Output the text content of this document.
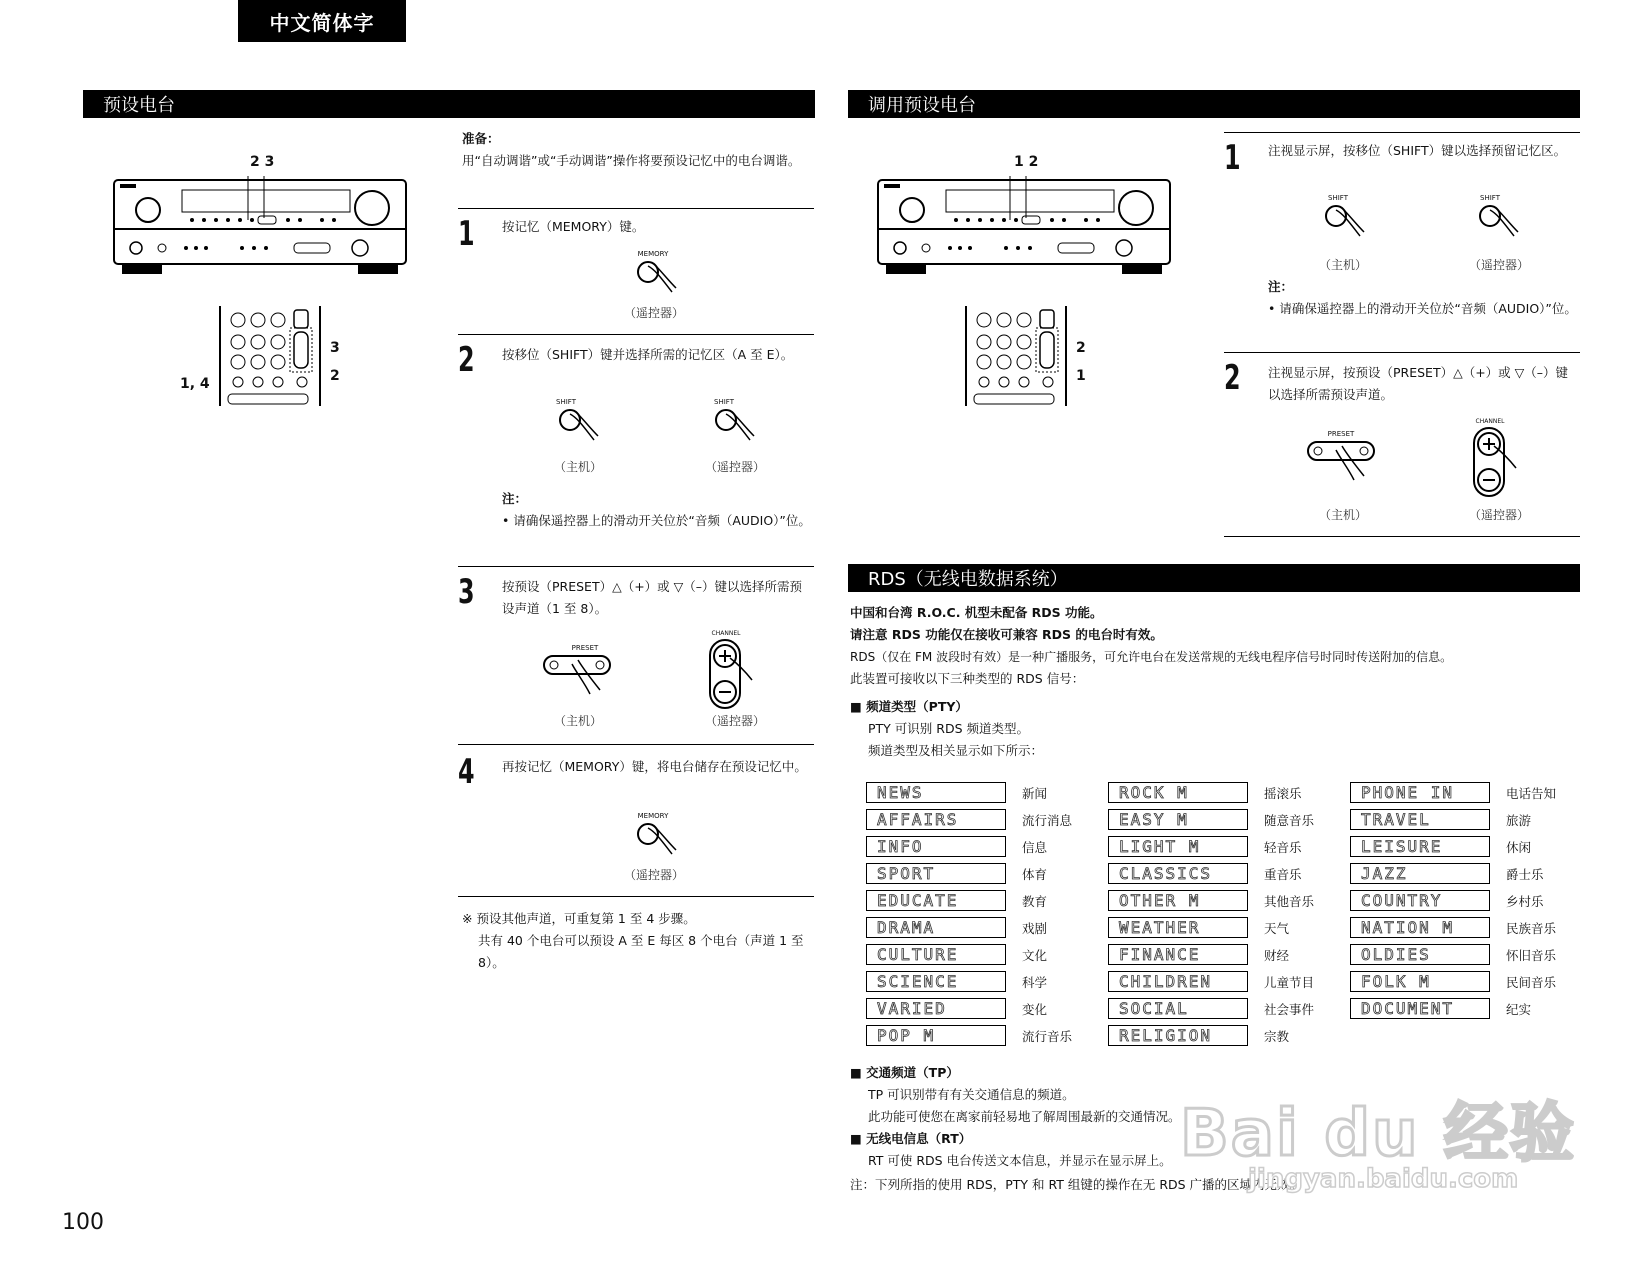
中文简体字
预设电台
2 3
3
1, 4	2
准备：
用“自动调谐”或“手动调谐”操作将要预设记忆中的电台调谐。
1 按记忆（MEMORY）键。
MEMORY
（遥控器）
2 按移位（SHIFT）键并选择所需的记忆区（A 至 E）。
SHIFT	SHIFT
（主机）	（遥控器）
注：
• 请确保遥控器上的滑动开关位於“音频（AUDIO）”位。
3 按预设（PRESET）△（+）或 ▽（–）键以选择所需预设声道（1 至 8）。
PRESET
CHANNEL
（主机）	（遥控器）
4 再按记忆（MEMORY）键，将电台储存在预设记忆中。
MEMORY
（遥控器）
※ 预设其他声道，可重复第 1 至 4 步骤。
共有 40 个电台可以预设 A 至 E 每区 8 个电台（声道 1 至 8）。
100
调用预设电台
1 2
2
1
1 注视显示屏，按移位（SHIFT）键以选择预留记忆区。
SHIFT	SHIFT
（主机）	（遥控器）
注：
• 请确保遥控器上的滑动开关位於“音频（AUDIO）”位。
2 注视显示屏，按预设（PRESET）△（+）或 ▽（–）键以选择所需预设声道。
PRESET
CHANNEL
（主机）	（遥控器）
RDS（无线电数据系统）
中国和台湾 R.O.C. 机型未配备 RDS 功能。
请注意 RDS 功能仅在接收可兼容 RDS 的电台时有效。
RDS（仅在 FM 波段时有效）是一种广播服务，可允许电台在发送常规的无线电程序信号时同时传送附加的信息。
此装置可接收以下三种类型的 RDS 信号：
■ 频道类型（PTY）
PTY 可识别 RDS 频道类型。
频道类型及相关显示如下所示：
NEWS	新闻
AFFAIRS	流行消息
INFO	信息
SPORT	体育
EDUCATE	教育
DRAMA	戏剧
CULTURE	文化
SCIENCE	科学
VARIED	变化
POP M	流行音乐
ROCK M	摇滚乐
EASY M	随意音乐
LIGHT M	轻音乐
CLASSICS	重音乐
OTHER M	其他音乐
WEATHER	天气
FINANCE	财经
CHILDREN	儿童节目
SOCIAL	社会事件
RELIGION	宗教
PHONE IN	电话告知
TRAVEL	旅游
LEISURE	休闲
JAZZ	爵士乐
COUNTRY	乡村乐
NATION M	民族音乐
OLDIES	怀旧音乐
FOLK M	民间音乐
DOCUMENT	纪实
■ 交通频道（TP）
TP 可识别带有有关交通信息的频道。
此功能可使您在离家前轻易地了解周围最新的交通情况。
■ 无线电信息（RT）
RT 可使 RDS 电台传送文本信息，并显示在显示屏上。
注：下列所指的使用 RDS，PTY 和 RT 组键的操作在无 RDS 广播的区域内无效。
Bai du 经验
jingyan.baidu.com
